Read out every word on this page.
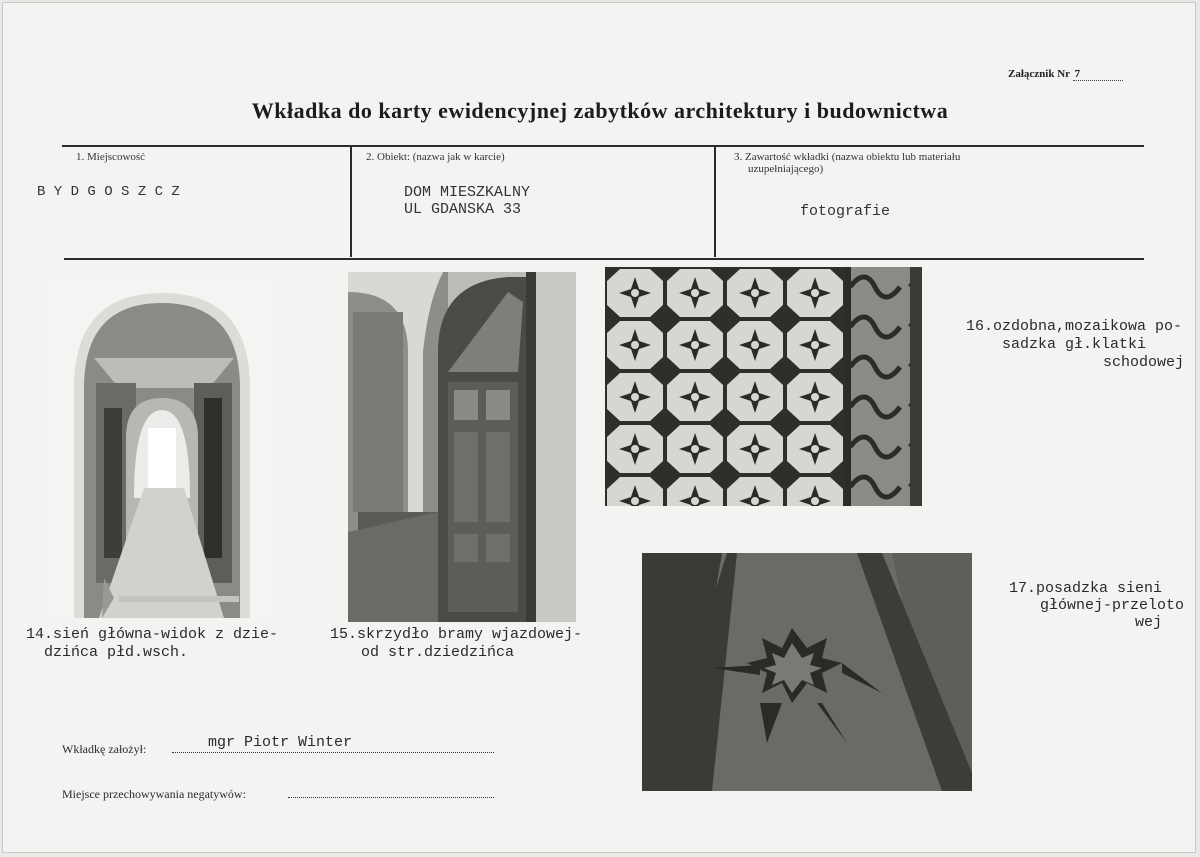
Załącznik Nr 7
Wkładka do karty ewidencyjnej zabytków architektury i budownictwa
1. Miejscowość
B Y D G O S Z C Z
2. Obiekt: (nazwa jak w karcie)
DOM MIESZKALNY
UL GDANSKA 33
3. Zawartość wkładki (nazwa obiektu lub materiału
uzupełniającego)
fotografie
14.sień główna-widok z dzie-
dzińca płd.wsch.
15.skrzydło bramy wjazdowej-
od str.dziedzińca
16.ozdobna,mozaikowa po-
sadzka gł.klatki
schodowej
17.posadzka sieni
głównej-przeloto
wej
Wkładkę założył:	mgr Piotr Winter
Miejsce przechowywania negatywów:
